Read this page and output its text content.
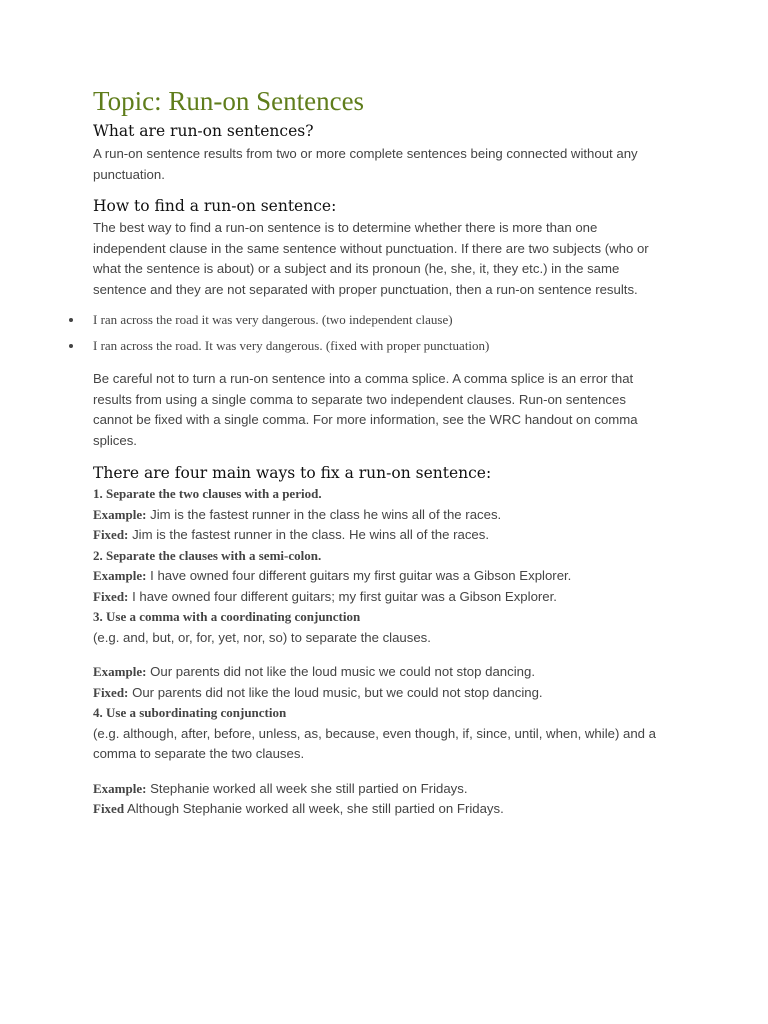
Topic: Run-on Sentences
What are run-on sentences?

A run-on sentence results from two or more complete sentences being connected without any
punctuation.

How to find a run-on sentence:

The best way to find a run-on sentence is to determine whether there is more than one
independent clause in the same sentence without punctuation. If there are two subjects (who or
what the sentence is about) or a subject and its pronoun (he, she, it, they etc.) in the same
sentence and they are not separated with proper punctuation, then a run-on sentence results.

I ran across the road it was very dangerous. (two independent clause)
I ran across the road. It was very dangerous. (fixed with proper punctuation)

Be careful not to turn a run-on sentence into a comma splice. A comma splice is an error that
results from using a single comma to separate two independent clauses. Run-on sentences
cannot be fixed with a single comma. For more information, see the WRC handout on comma
splices.

There are four main ways to fix a run-on sentence:

1. Separate the two clauses with a period.

Example: Jim is the fastest runner in the class he wins all of the races.

Fixed: Jim is the fastest runner in the class. He wins all of the races.

2. Separate the clauses with a semi-colon.

Example: I have owned four different guitars my first guitar was a Gibson Explorer.

Fixed: I have owned four different guitars; my first guitar was a Gibson Explorer.

3. Use a comma with a coordinating conjunction

(e.g. and, but, or, for, yet, nor, so) to separate the clauses.

Example: Our parents did not like the loud music we could not stop dancing.

Fixed: Our parents did not like the loud music, but we could not stop dancing.

4. Use a subordinating conjunction

(e.g. although, after, before, unless, as, because, even though, if, since, until, when, while) and a
comma to separate the two clauses.

Example: Stephanie worked all week she still partied on Fridays.

Fixed Although Stephanie worked all week, she still partied on Fridays.
